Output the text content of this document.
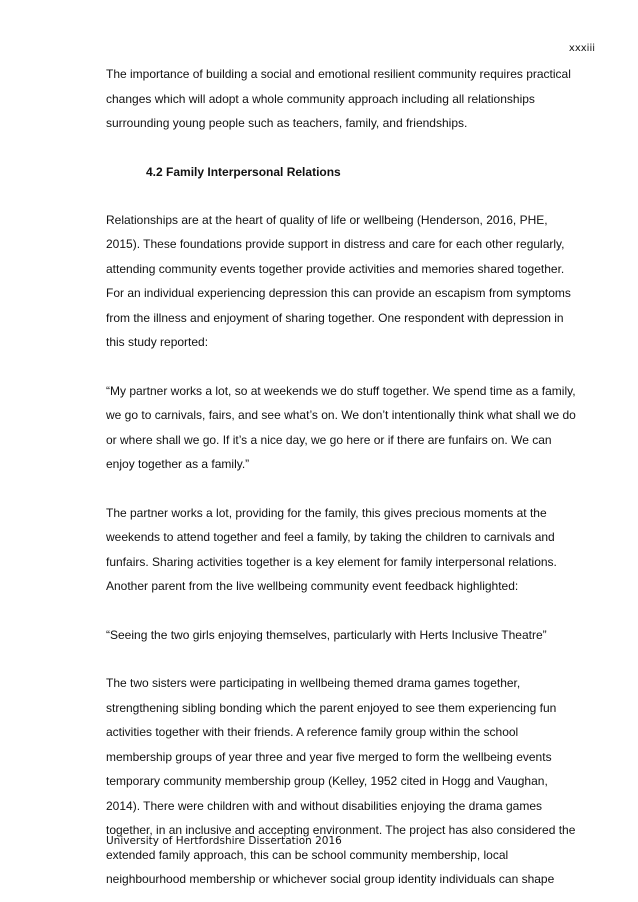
xxxiii

The importance of building a social and emotional resilient community requires practical changes which will adopt a whole community approach including all relationships surrounding young people such as teachers, family, and friendships.

4.2 Family Interpersonal Relations

Relationships are at the heart of quality of life or wellbeing (Henderson, 2016, PHE, 2015). These foundations provide support in distress and care for each other regularly, attending community events together provide activities and memories shared together. For an individual experiencing depression this can provide an escapism from symptoms from the illness and enjoyment of sharing together. One respondent with depression in this study reported:

“My partner works a lot, so at weekends we do stuff together. We spend time as a family, we go to carnivals, fairs, and see what’s on. We don’t intentionally think what shall we do or where shall we go. If it’s a nice day, we go here or if there are funfairs on. We can enjoy together as a family.”

The partner works a lot, providing for the family, this gives precious moments at the weekends to attend together and feel a family, by taking the children to carnivals and funfairs. Sharing activities together is a key element for family interpersonal relations. Another parent from the live wellbeing community event feedback highlighted:

“Seeing the two girls enjoying themselves, particularly with Herts Inclusive Theatre”

The two sisters were participating in wellbeing themed drama games together, strengthening sibling bonding which the parent enjoyed to see them experiencing fun activities together with their friends. A reference family group within the school membership groups of year three and year five merged to form the wellbeing events temporary community membership group (Kelley, 1952 cited in Hogg and Vaughan, 2014). There were children with and without disabilities enjoying the drama games together, in an inclusive and accepting environment. The project has also considered the extended family approach, this can be school community membership, local neighbourhood membership or whichever social group identity individuals can shape

University of Hertfordshire Dissertation 2016
